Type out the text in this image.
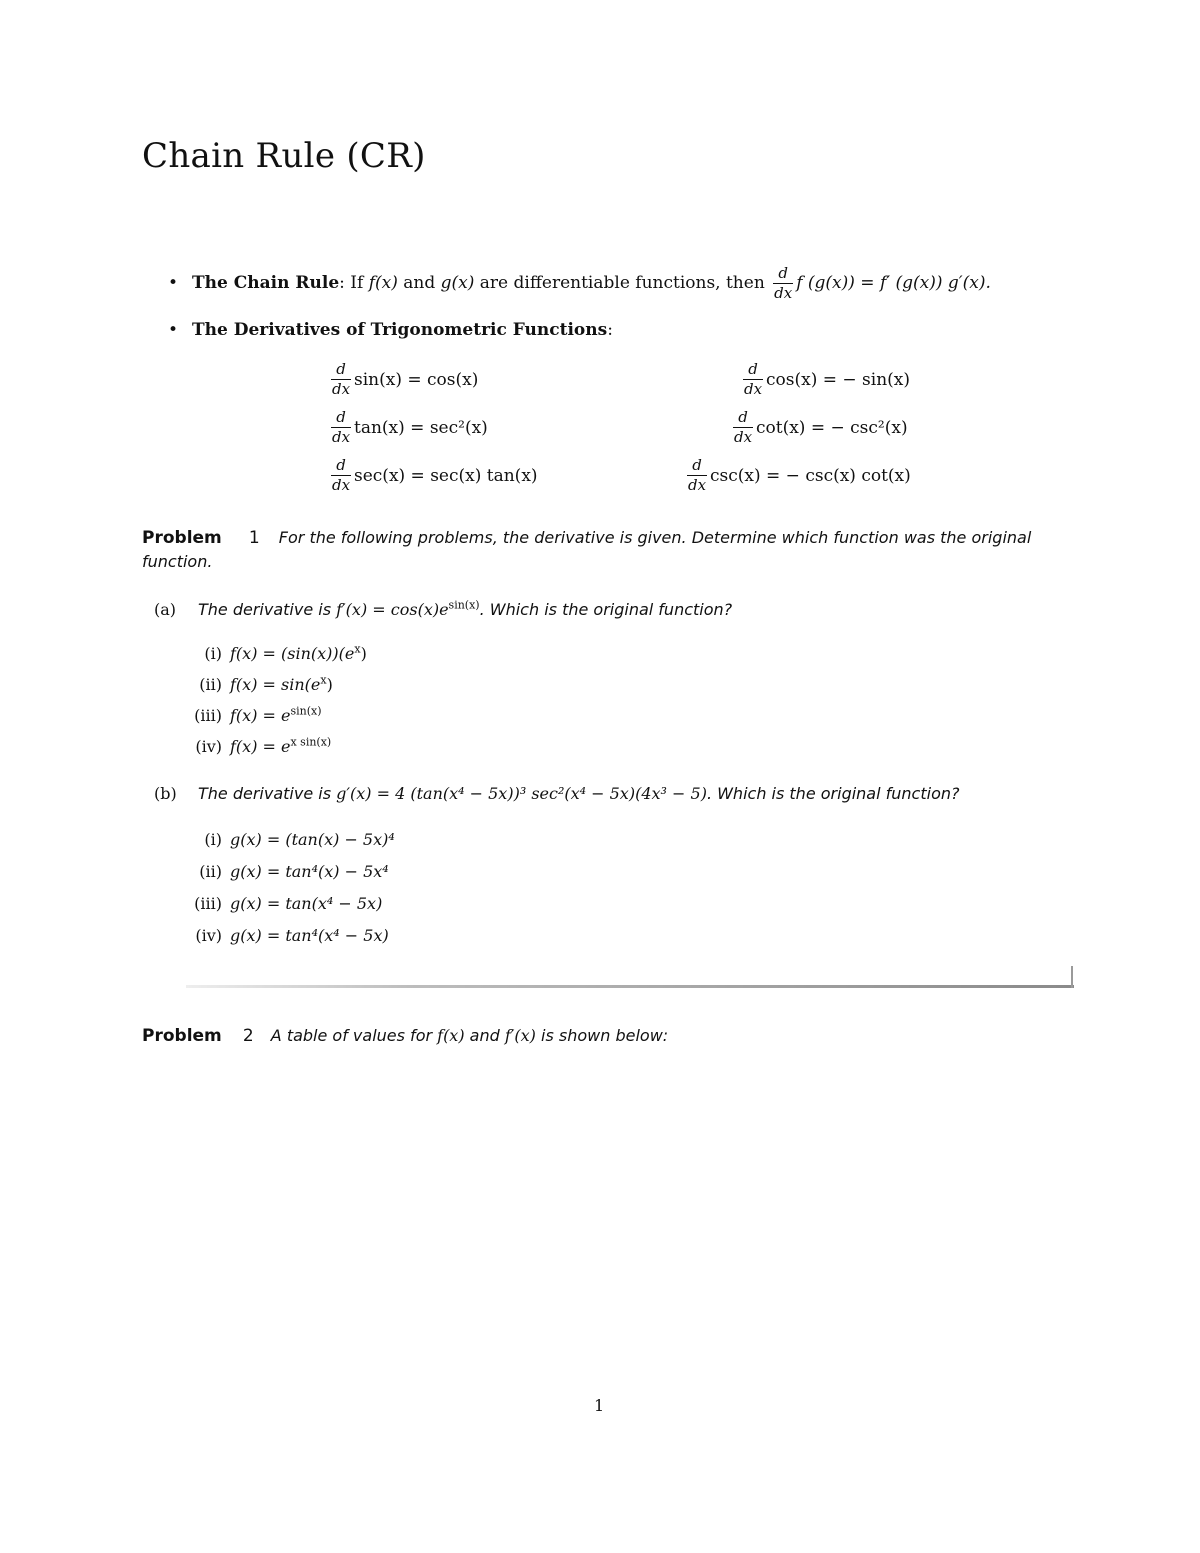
Chain Rule (CR)
• The Chain Rule: If f(x) and g(x) are differentiable functions, then $\frac{d}{dx}$ f (g(x)) = f′ (g(x)) g′(x).
• The Derivatives of Trigonometric Functions:
$\frac{d}{dx} \sin(x) = \cos(x)$	$\frac{d}{dx} \cos(x)$ = − sin(x)
$\frac{d}{dx} \tan(x) = \sec^2(x)$	$\frac{d}{dx} \cot(x)$ = − csc²(x)
$\frac{d}{dx} \sec(x) = \sec(x)$ tan(x)	$\frac{d}{dx} \csc(x)$ = − csc(x) cot(x)
Problem 1 For the following problems, the derivative is given. Determine which function was the original
function.
(a) The derivative is $f'(x) = \cos(x)e^{sin(x)}$. Which is the original function?
(i) $f(x) = (\sin(x))(e^x)$
(ii) $f(x) = \sin(e^x)$
(iii) $f(x) = e^{sin(x)}$
(iv) $f(x) = e^{x sin(x)}$
(b) The derivative is g′(x) = 4 (tan(x⁴ − 5x))³ sec²(x⁴ − 5x)(4x³ − 5). Which is the original function?
(i) g(x) = (tan(x) − 5x)⁴
(ii) g(x) = tan⁴(x) − 5x⁴
(iii) g(x) = tan(x⁴ − 5x)
(iv) g(x) = tan⁴(x⁴ − 5x)
Problem 2 A table of values for f(x) and f′(x) is shown below:
1
